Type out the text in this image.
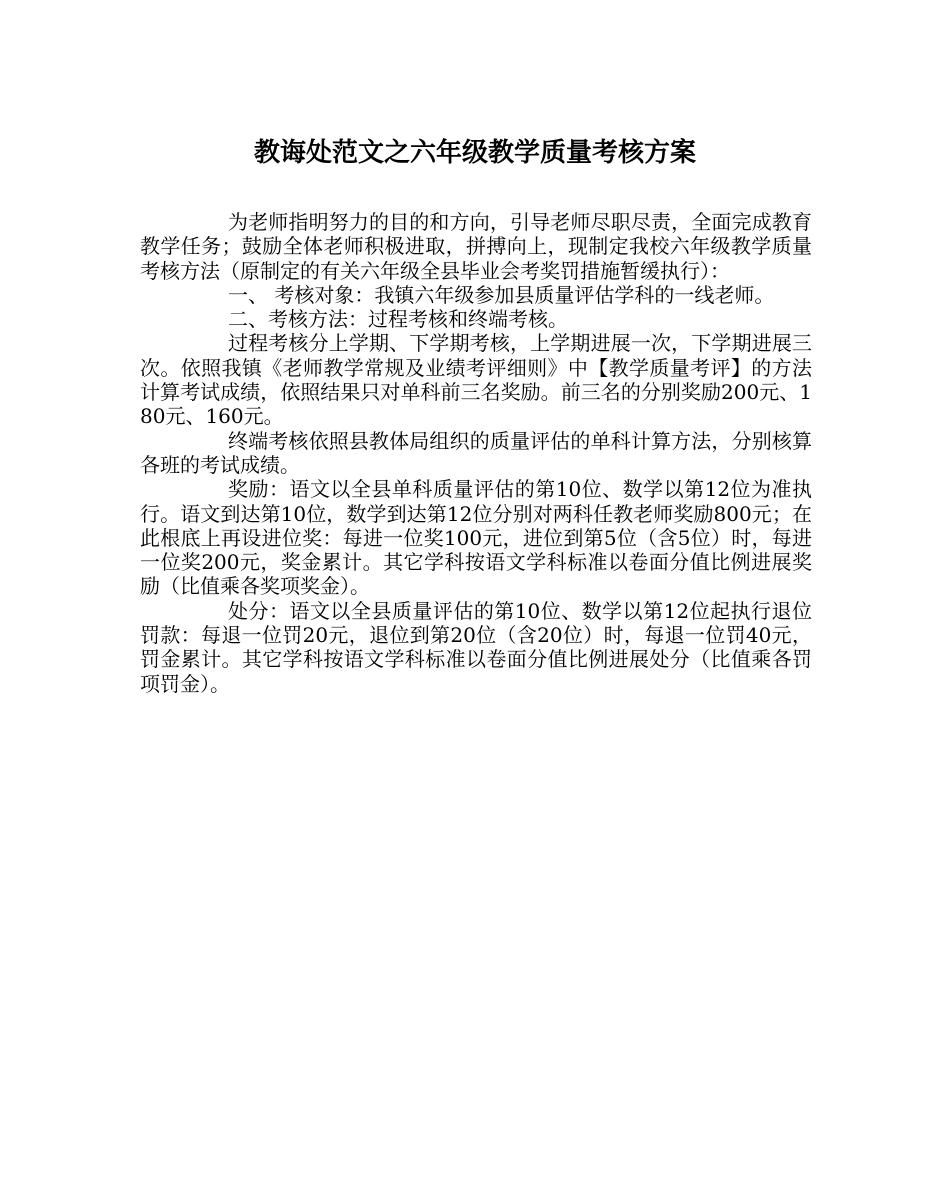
教诲处范文之六年级教学质量考核方案

为老师指明努力的目的和方向，引导老师尽职尽责，全面完成教育教学任务；鼓励全体老师积极进取，拼搏向上，现制定我校六年级教学质量考核方法（原制定的有关六年级全县毕业会考奖罚措施暂缓执行）：

一、 考核对象：我镇六年级参加县质量评估学科的一线老师。

二、考核方法：过程考核和终端考核。

过程考核分上学期、下学期考核，上学期进展一次，下学期进展三次。依照我镇《老师教学常规及业绩考评细则》中【教学质量考评】的方法计算考试成绩，依照结果只对单科前三名奖励。前三名的分别奖励200元、180元、160元。

终端考核依照县教体局组织的质量评估的单科计算方法，分别核算各班的考试成绩。

奖励：语文以全县单科质量评估的第10位、数学以第12位为准执行。语文到达第10位，数学到达第12位分别对两科任教老师奖励800元；在此根底上再设进位奖：每进一位奖100元，进位到第5位（含5位）时，每进一位奖200元，奖金累计。其它学科按语文学科标准以卷面分值比例进展奖励（比值乘各奖项奖金）。

处分：语文以全县质量评估的第10位、数学以第12位起执行退位罚款：每退一位罚20元，退位到第20位（含20位）时，每退一位罚40元，罚金累计。其它学科按语文学科标准以卷面分值比例进展处分（比值乘各罚项罚金）。
